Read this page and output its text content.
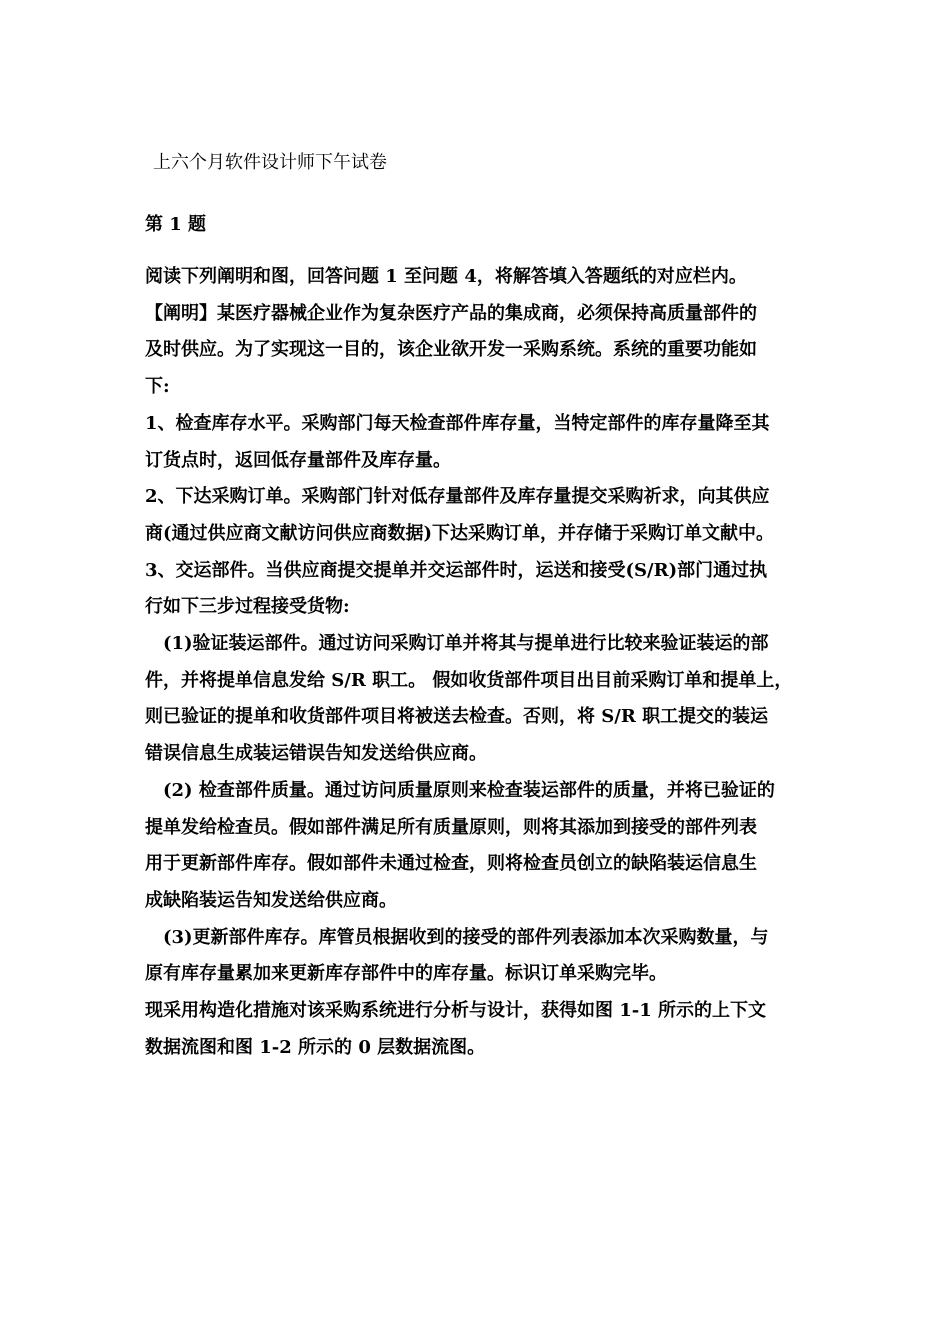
上六个月软件设计师下午试卷
第 1 题

阅读下列阐明和图，回答问题 1 至问题 4，将解答填入答题纸的对应栏内。

【阐明】某医疗器械企业作为复杂医疗产品的集成商，必须保持高质量部件的

及时供应。为了实现这一目的，该企业欲开发一采购系统。系统的重要功能如

下:

1、检查库存水平。采购部门每天检查部件库存量，当特定部件的库存量降至其

订货点时，返回低存量部件及库存量。

2、下达采购订单。采购部门针对低存量部件及库存量提交采购祈求，向其供应

商(通过供应商文献访问供应商数据)下达采购订单，并存储于采购订单文献中。

3、交运部件。当供应商提交提单并交运部件时，运送和接受(S/R)部门通过执

行如下三步过程接受货物:

(1)验证装运部件。通过访问采购订单并将其与提单进行比较来验证装运的部

件，并将提单信息发给 S/R 职工。 假如收货部件项目出目前采购订单和提单上，

则已验证的提单和收货部件项目将被送去检查。否则，将 S/R 职工提交的装运

错误信息生成装运错误告知发送给供应商。

(2) 检查部件质量。通过访问质量原则来检查装运部件的质量，并将已验证的

提单发给检查员。假如部件满足所有质量原则，则将其添加到接受的部件列表

用于更新部件库存。假如部件未通过检查，则将检查员创立的缺陷装运信息生

成缺陷装运告知发送给供应商。

(3)更新部件库存。库管员根据收到的接受的部件列表添加本次采购数量，与

原有库存量累加来更新库存部件中的库存量。标识订单采购完毕。

现采用构造化措施对该采购系统进行分析与设计，获得如图 1-1 所示的上下文

数据流图和图 1-2 所示的 0 层数据流图。
